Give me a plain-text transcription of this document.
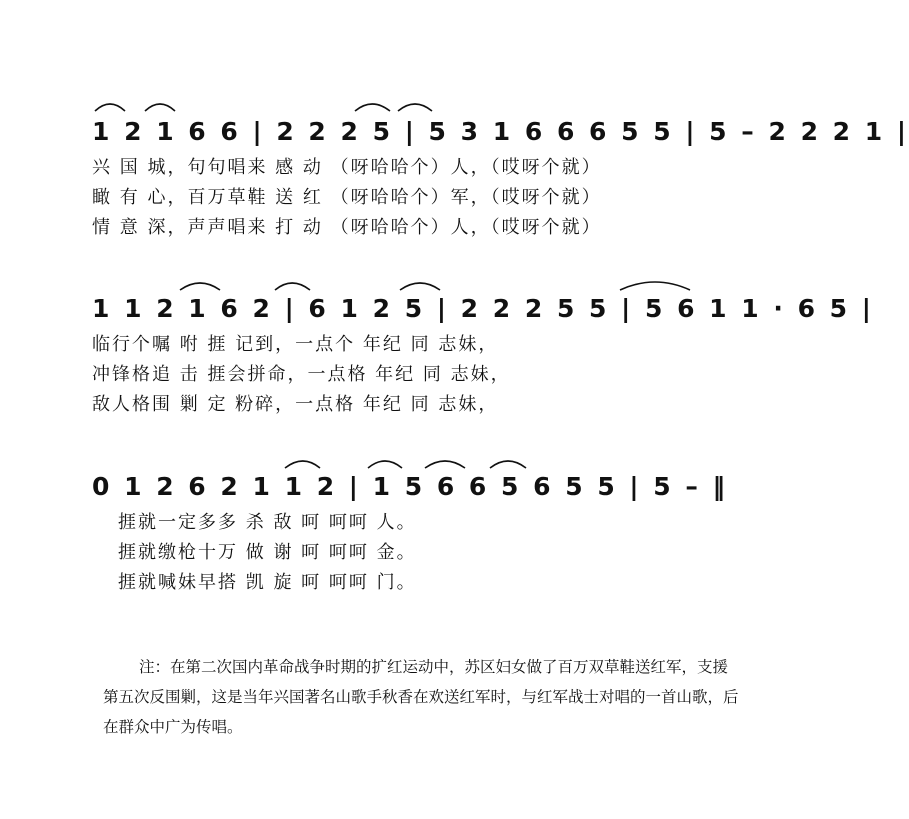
1 2 1 6 6 | 2 2 2 5 | 5 3 1 6 6 6 5 5 | 5 – 2 2 2 1 |
兴 国 城，句句唱来 感 动 （呀哈哈个）人，（哎呀个就）
瞰 有 心，百万草鞋 送 红 （呀哈哈个）军，（哎呀个就）
情 意 深，声声唱来 打 动 （呀哈哈个）人，（哎呀个就）
1 1 2 1 6 2 | 6 1 2 5 | 2 2 2 5 5 | 5 6 1 1 · 6 5 |
临行个嘱 咐 捱 记到，一点个 年纪 同 志妹，
冲锋格追 击 捱会拼命，一点格 年纪 同 志妹，
敌人格围 剿 定 粉碎，一点格 年纪 同 志妹，
0 1 2 6 2 1 1 2 | 1 5 6 6 5 6 5 5 | 5 – ‖
捱就一定多多 杀 敌 呵 呵呵 人。
捱就缴枪十万 做 谢 呵 呵呵 金。
捱就喊妹早搭 凯 旋 呵 呵呵 门。
注：在第二次国内革命战争时期的扩红运动中，苏区妇女做了百万双草鞋送红军，支援第五次反围剿，这是当年兴国著名山歌手秋香在欢送红军时，与红军战士对唱的一首山歌，后在群众中广为传唱。
